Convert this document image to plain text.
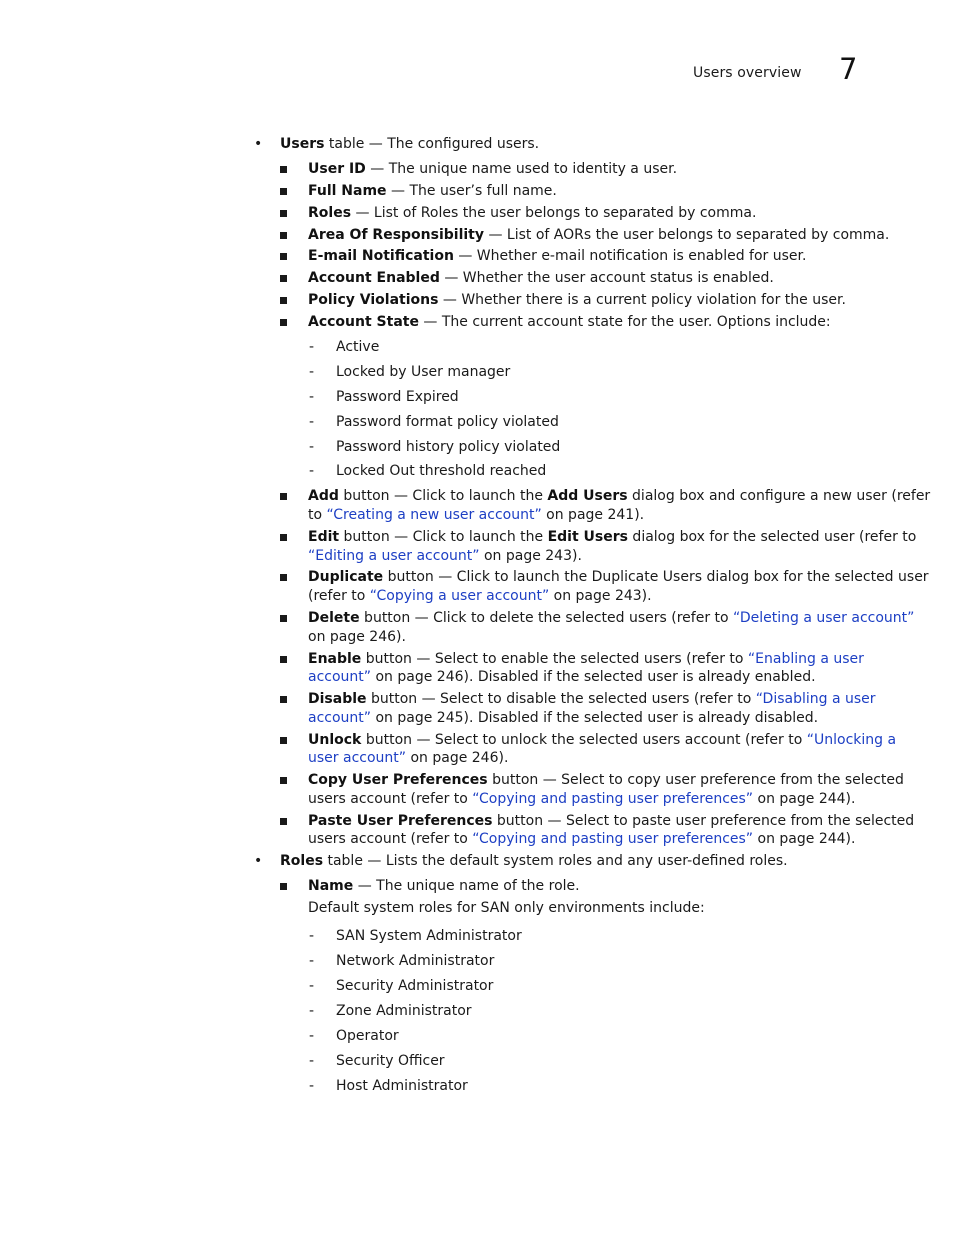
Users overview 7
• Users table — The configured users.
User ID — The unique name used to identity a user.
Full Name — The user’s full name.
Roles — List of Roles the user belongs to separated by comma.
Area Of Responsibility — List of AORs the user belongs to separated by comma.
E-mail Notification — Whether e-mail notification is enabled for user.
Account Enabled — Whether the user account status is enabled.
Policy Violations — Whether there is a current policy violation for the user.
Account State — The current account state for the user. Options include:
- Active
- Locked by User manager
- Password Expired
- Password format policy violated
- Password history policy violated
- Locked Out threshold reached
Add button — Click to launch the Add Users dialog box and configure a new user (refer
to “Creating a new user account” on page 241).
Edit button — Click to launch the Edit Users dialog box for the selected user (refer to
“Editing a user account” on page 243).
Duplicate button — Click to launch the Duplicate Users dialog box for the selected user
(refer to “Copying a user account” on page 243).
Delete button — Click to delete the selected users (refer to “Deleting a user account”
on page 246).
Enable button — Select to enable the selected users (refer to “Enabling a user
account” on page 246). Disabled if the selected user is already enabled.
Disable button — Select to disable the selected users (refer to “Disabling a user
account” on page 245). Disabled if the selected user is already disabled.
Unlock button — Select to unlock the selected users account (refer to “Unlocking a
user account” on page 246).
Copy User Preferences button — Select to copy user preference from the selected
users account (refer to “Copying and pasting user preferences” on page 244).
Paste User Preferences button — Select to paste user preference from the selected
users account (refer to “Copying and pasting user preferences” on page 244).
• Roles table — Lists the default system roles and any user-defined roles.
Name — The unique name of the role.
Default system roles for SAN only environments include:
- SAN System Administrator
- Network Administrator
- Security Administrator
- Zone Administrator
- Operator
- Security Officer
- Host Administrator
